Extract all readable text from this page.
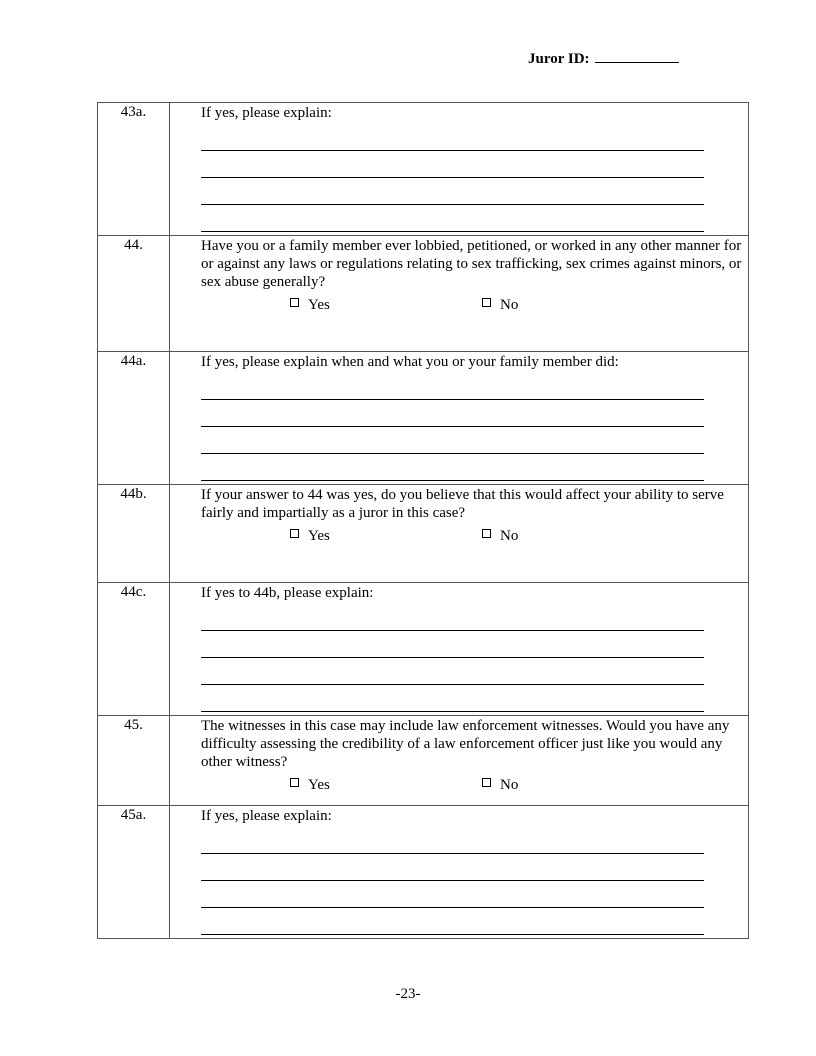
Juror ID:
43a.	If yes, please explain:

44.	Have you or a family member ever lobbied, petitioned, or worked in any other manner for or against any laws or regulations relating to sex trafficking, sex crimes against minors, or sex abuse generally?
Yes No

44a.	If yes, please explain when and what you or your family member did:

44b.	If your answer to 44 was yes, do you believe that this would affect your ability to serve fairly and impartially as a juror in this case?
Yes No

44c.	If yes to 44b, please explain:

45.	The witnesses in this case may include law enforcement witnesses. Would you have any difficulty assessing the credibility of a law enforcement officer just like you would any other witness?
Yes No

45a.	If yes, please explain:
-23-
